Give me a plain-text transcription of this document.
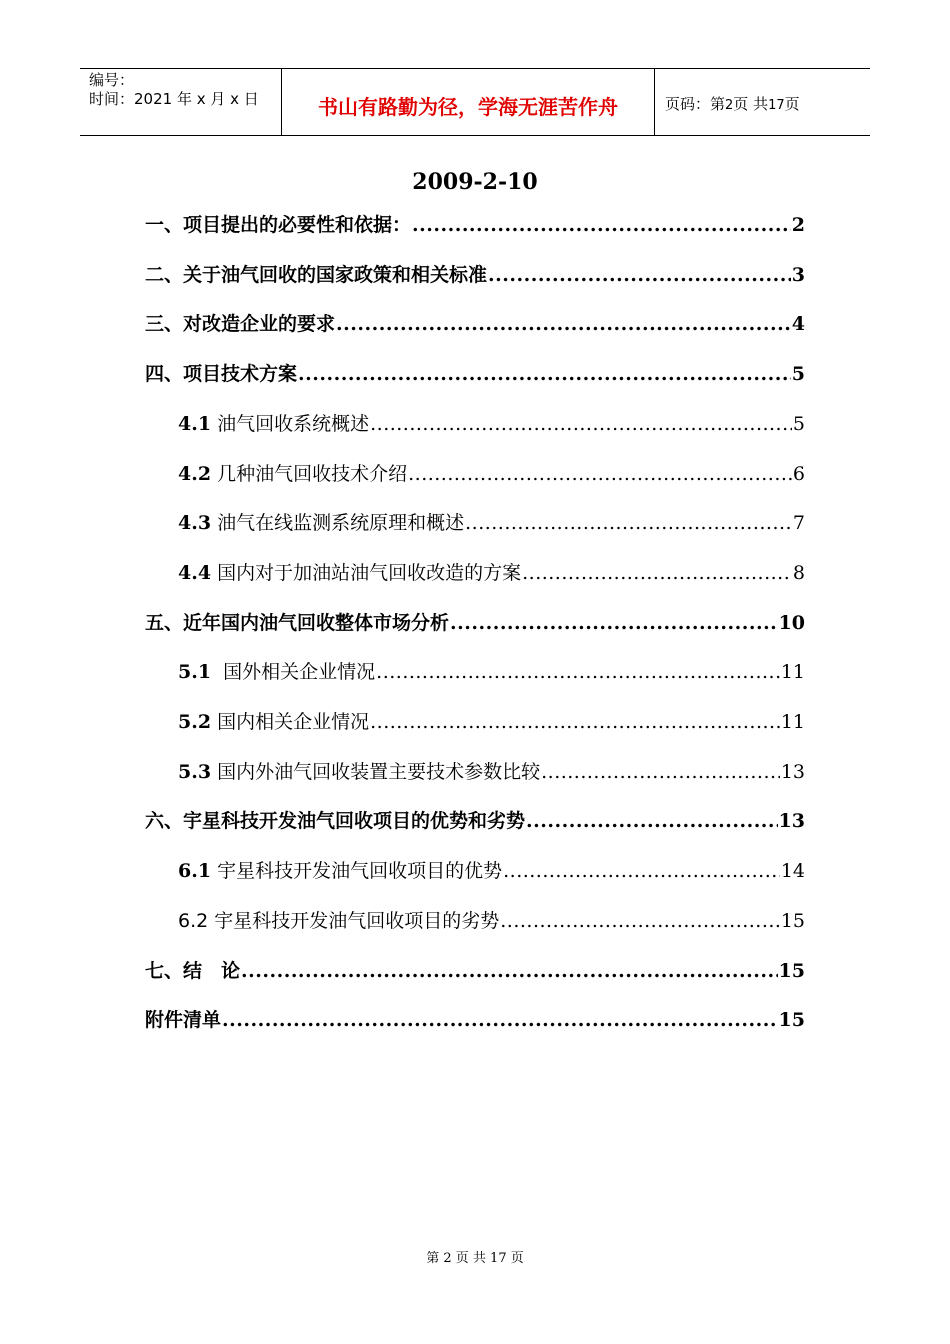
编号：
时间：2021 年 x 月 x 日	书山有路勤为径，学海无涯苦作舟	页码：第2页 共17页
2009-2-10
一、项目提出的必要性和依据： .....	2
二、关于油气回收的国家政策和相关标准 .....	3
三、对改造企业的要求 .....	4
四、项目技术方案 .....	5
4.1 油气回收系统概述 .....	5
4.2 几种油气回收技术介绍 .....	6
4.3 油气在线监测系统原理和概述 .....	7
4.4 国内对于加油站油气回收改造的方案 .....	8
五、近年国内油气回收整体市场分析 .....	10
5.1  国外相关企业情况 .....	11
5.2 国内相关企业情况 .....	11
5.3 国内外油气回收装置主要技术参数比较 .....	13
六、宇星科技开发油气回收项目的优势和劣势 .....	13
6.1 宇星科技开发油气回收项目的优势 .....	14
6.2 宇星科技开发油气回收项目的劣势 .....	15
七、结　论 .....	15
附件清单 .....	15
第 2 页 共 17 页
